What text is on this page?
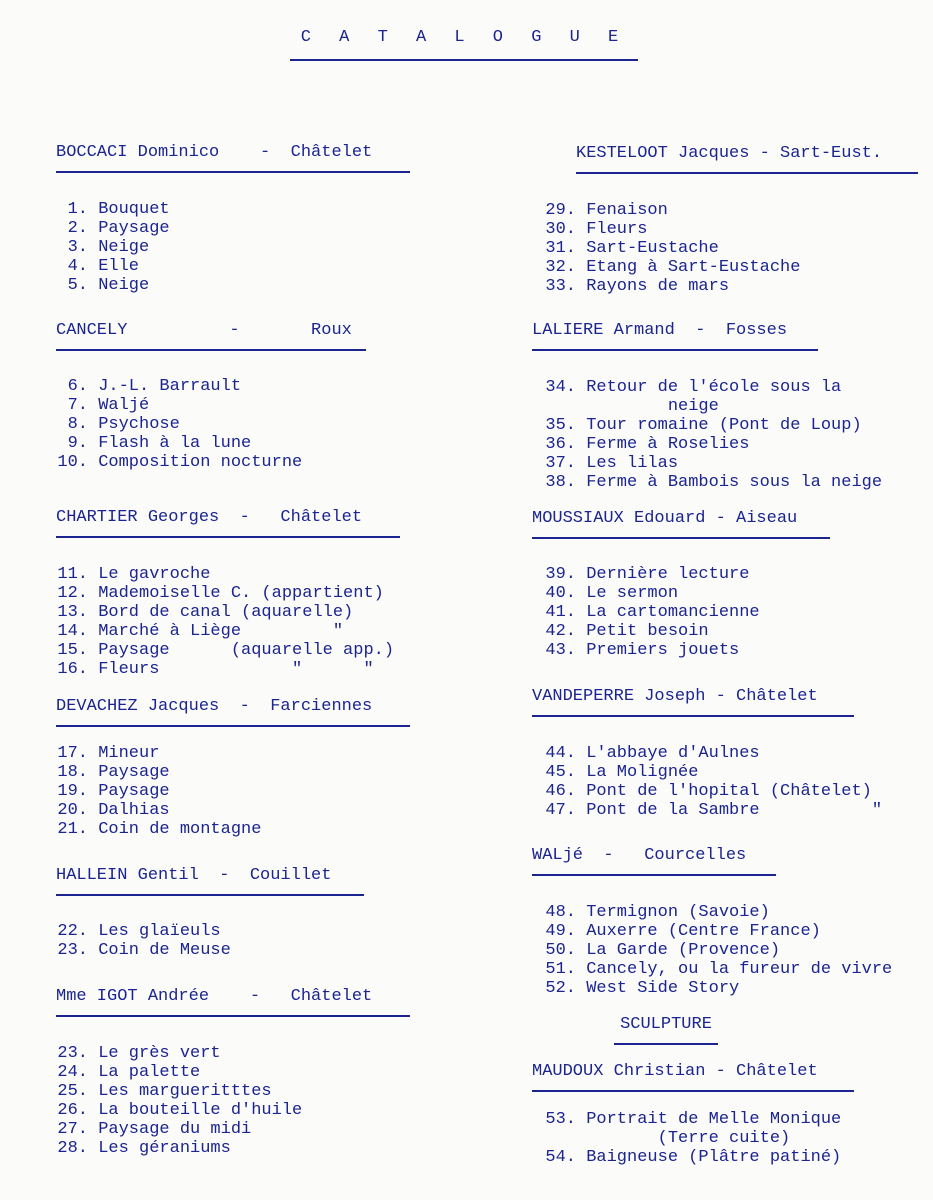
C A T A L O G U E
BOCCACI Dominico    -  Châtelet
1. Bouquet
2. Paysage
3. Neige
4. Elle
5. Neige
CANCELY          -       Roux
6. J.-L. Barrault
7. Waljé
8. Psychose
9. Flash à la lune
10. Composition nocturne
CHARTIER Georges  -   Châtelet
11. Le gavroche
12. Mademoiselle C. (appartient)
13. Bord de canal (aquarelle)
14. Marché à Liège         "
15. Paysage      (aquarelle app.)
16. Fleurs             "      "
DEVACHEZ Jacques  -  Farciennes
17. Mineur
18. Paysage
19. Paysage
20. Dalhias
21. Coin de montagne
HALLEIN Gentil  -  Couillet
22. Les glaïeuls
23. Coin de Meuse
Mme IGOT Andrée    -   Châtelet
23. Le grès vert
24. La palette
25. Les margueritttes
26. La bouteille d'huile
27. Paysage du midi
28. Les géraniums
KESTELOOT Jacques - Sart-Eust.
29. Fenaison
30. Fleurs
31. Sart-Eustache
32. Etang à Sart-Eustache
33. Rayons de mars
LALIERE Armand  -  Fosses
34. Retour de l'école sous la
neige
35. Tour romaine (Pont de Loup)
36. Ferme à Roselies
37. Les lilas
38. Ferme à Bambois sous la neige
MOUSSIAUX Edouard - Aiseau
39. Dernière lecture
40. Le sermon
41. La cartomancienne
42. Petit besoin
43. Premiers jouets
VANDEPERRE Joseph - Châtelet
44. L'abbaye d'Aulnes
45. La Molignée
46. Pont de l'hopital (Châtelet)
47. Pont de la Sambre           "
WALjé  -   Courcelles
48. Termignon (Savoie)
49. Auxerre (Centre France)
50. La Garde (Provence)
51. Cancely, ou la fureur de vivre
52. West Side Story
SCULPTURE
MAUDOUX Christian - Châtelet
53. Portrait de Melle Monique
(Terre cuite)
54. Baigneuse (Plâtre patiné)
